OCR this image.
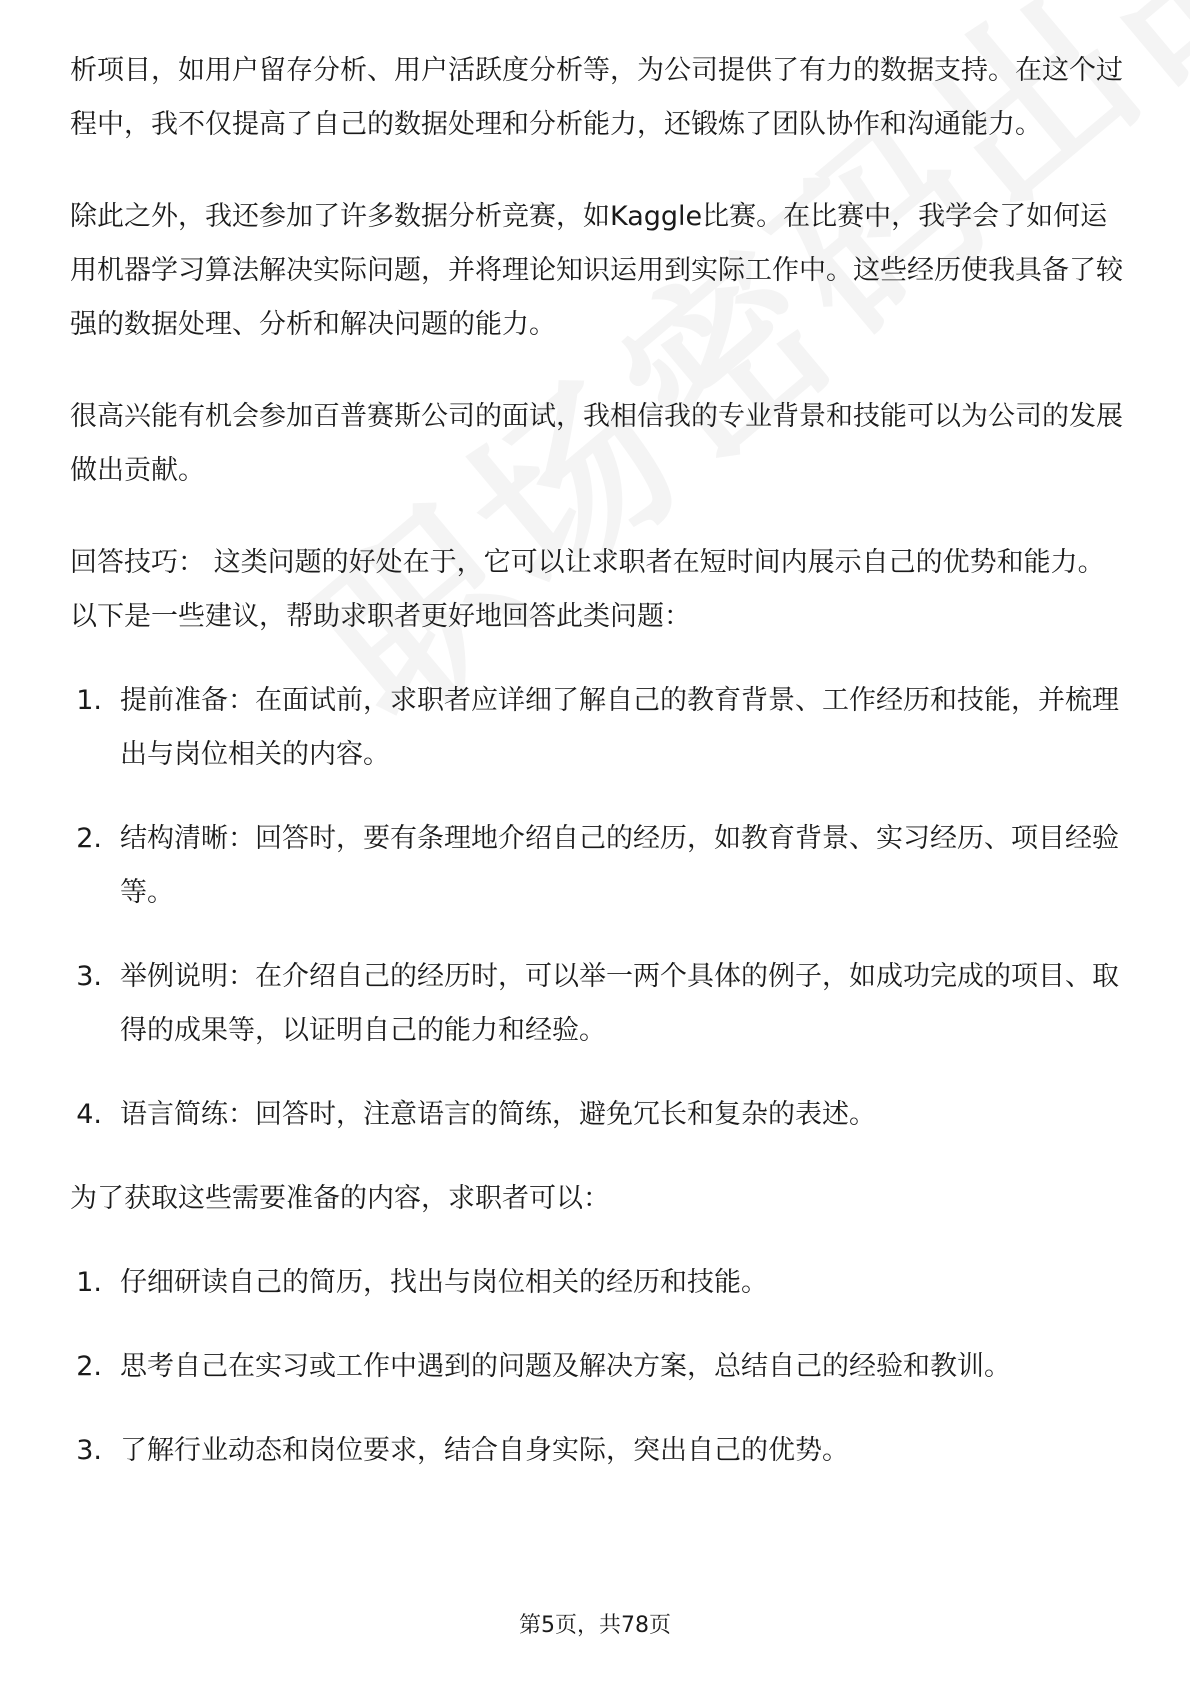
析项目，如用户留存分析、用户活跃度分析等，为公司提供了有力的数据支持。在这个过程中，我不仅提高了自己的数据处理和分析能力，还锻炼了团队协作和沟通能力。

除此之外，我还参加了许多数据分析竞赛，如Kaggle比赛。在比赛中，我学会了如何运用机器学习算法解决实际问题，并将理论知识运用到实际工作中。这些经历使我具备了较强的数据处理、分析和解决问题的能力。

很高兴能有机会参加百普赛斯公司的面试，我相信我的专业背景和技能可以为公司的发展做出贡献。

回答技巧： 这类问题的好处在于，它可以让求职者在短时间内展示自己的优势和能力。以下是一些建议，帮助求职者更好地回答此类问题：

1. 提前准备：在面试前，求职者应详细了解自己的教育背景、工作经历和技能，并梳理出与岗位相关的内容。
2. 结构清晰：回答时，要有条理地介绍自己的经历，如教育背景、实习经历、项目经验等。
3. 举例说明：在介绍自己的经历时，可以举一两个具体的例子，如成功完成的项目、取得的成果等，以证明自己的能力和经验。
4. 语言简练：回答时，注意语言的简练，避免冗长和复杂的表述。

为了获取这些需要准备的内容，求职者可以：

1. 仔细研读自己的简历，找出与岗位相关的经历和技能。
2. 思考自己在实习或工作中遇到的问题及解决方案，总结自己的经验和教训。
3. 了解行业动态和岗位要求，结合自身实际，突出自己的优势。
第5页，共78页
